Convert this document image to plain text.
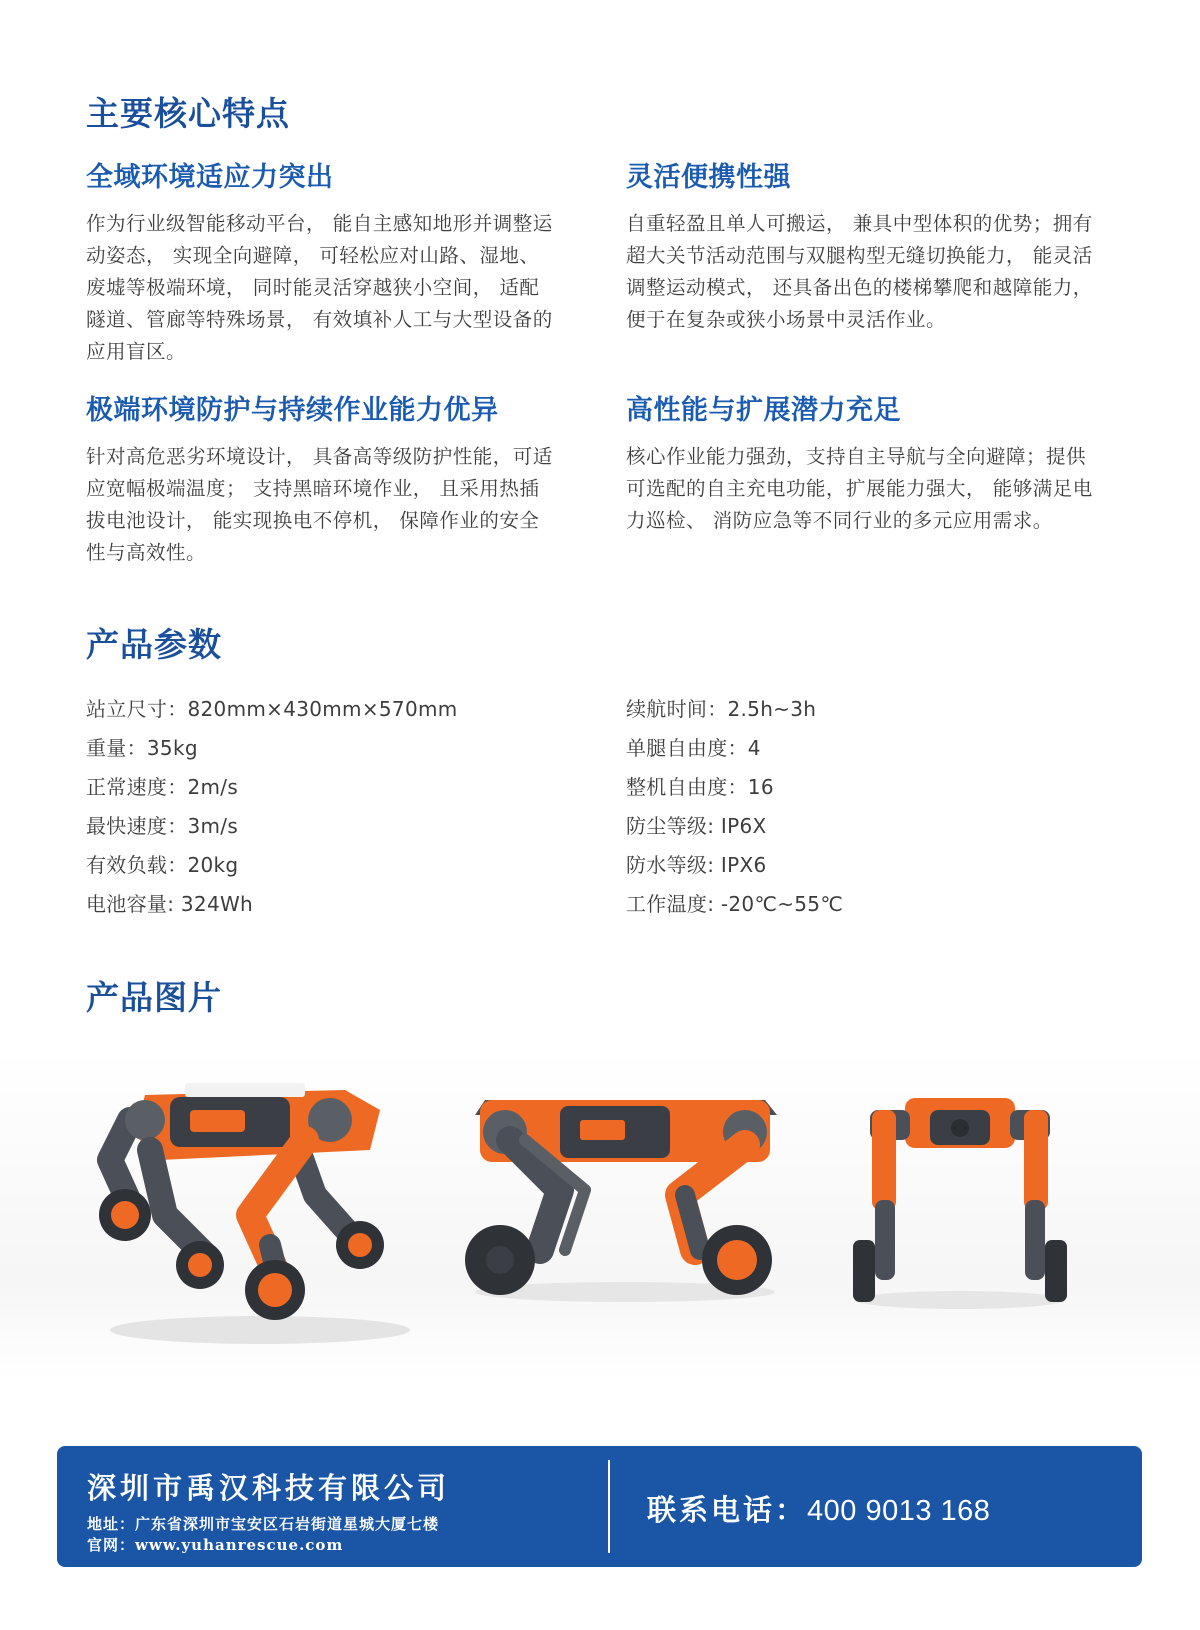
主要核心特点
全域环境适应力突出

作为行业级智能移动平台， 能自主感知地形并调整运动姿态， 实现全向避障， 可轻松应对山路、湿地、 废墟等极端环境， 同时能灵活穿越狭小空间， 适配隧道、管廊等特殊场景， 有效填补人工与大型设备的应用盲区。

灵活便携性强

自重轻盈且单人可搬运， 兼具中型体积的优势；拥有超大关节活动范围与双腿构型无缝切换能力， 能灵活调整运动模式， 还具备出色的楼梯攀爬和越障能力， 便于在复杂或狭小场景中灵活作业。

极端环境防护与持续作业能力优异

针对高危恶劣环境设计， 具备高等级防护性能，可适应宽幅极端温度； 支持黑暗环境作业， 且采用热插拔电池设计， 能实现换电不停机， 保障作业的安全性与高效性。

高性能与扩展潜力充足

核心作业能力强劲，支持自主导航与全向避障；提供可选配的自主充电功能，扩展能力强大， 能够满足电力巡检、 消防应急等不同行业的多元应用需求。

产品参数
站立尺寸：820mm×430mm×570mm
重量：35kg
正常速度：2m/s
最快速度：3m/s
有效负载：20kg
电池容量: 324Wh
续航时间：2.5h~3h
单腿自由度：4
整机自由度：16
防尘等级: IP6X
防水等级: IPX6
工作温度: -20℃~55℃
产品图片
深圳市禹汉科技有限公司
地址：广东省深圳市宝安区石岩街道星城大厦七楼
官网：www.yuhanrescue.com
联系电话：400 9013 168
